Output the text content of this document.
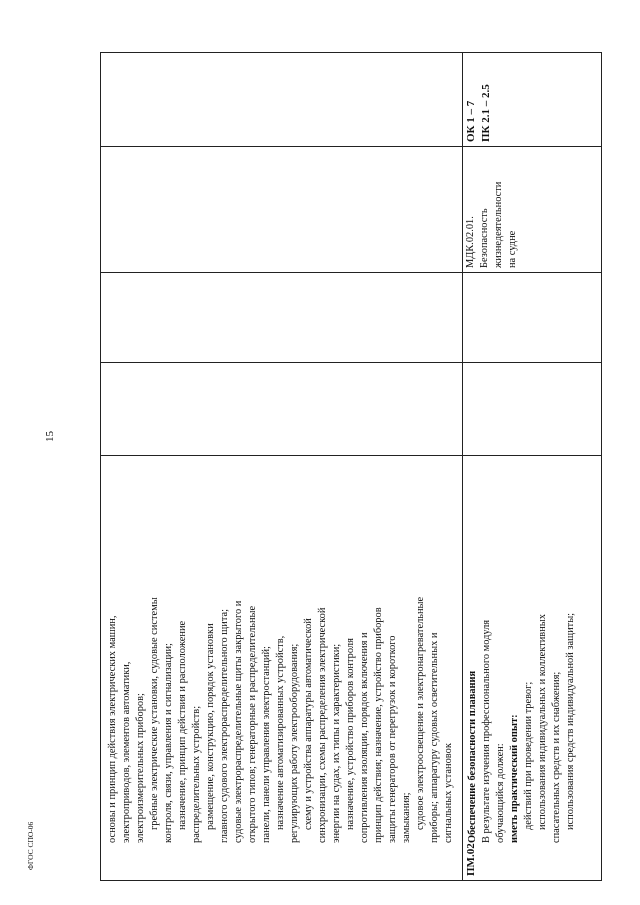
15
ФГОС СПО-06
основы и принцип действия электрических машин, электроприводов, элементов автоматики, электроизмерительных приборов; гребные электрические установки, судовые системы контроля, связи, управления и сигнализации; назначение, принцип действия и расположение распределительных устройств; размещение, конструкцию, порядок установки главного судового электрораспределительного щита; судовые электрораспределительные щиты закрытого и открытого типов; генераторные и распределительные панели, панели управления электростанций; назначение автоматизированных устройств, регулирующих работу электрооборудования; схему и устройства аппаратуры автоматической синхронизации, схемы распределения электрической энергии на судах, их типы и характеристики; назначение, устройство приборов контроля сопротивления изоляции, порядок включения и принцип действия; назначение, устройство приборов защиты генераторов от перегрузок и короткого замыкания; судовое электроосвещение и электронагревательные приборы; аппаратуру судовых осветительных и сигнальных установок
ПМ.02
Обеспечение безопасности плавания В результате изучения профессионального модуля обучающийся должен: иметь практический опыт: действий при проведении тревог; использования индивидуальных и коллективных спасательных средств и их снабжения; использования средств индивидуальной защиты;
МДК.02.01. Безопасность жизнедеятельности на судне
ОК 1 – 7 ПК 2.1 – 2.5
